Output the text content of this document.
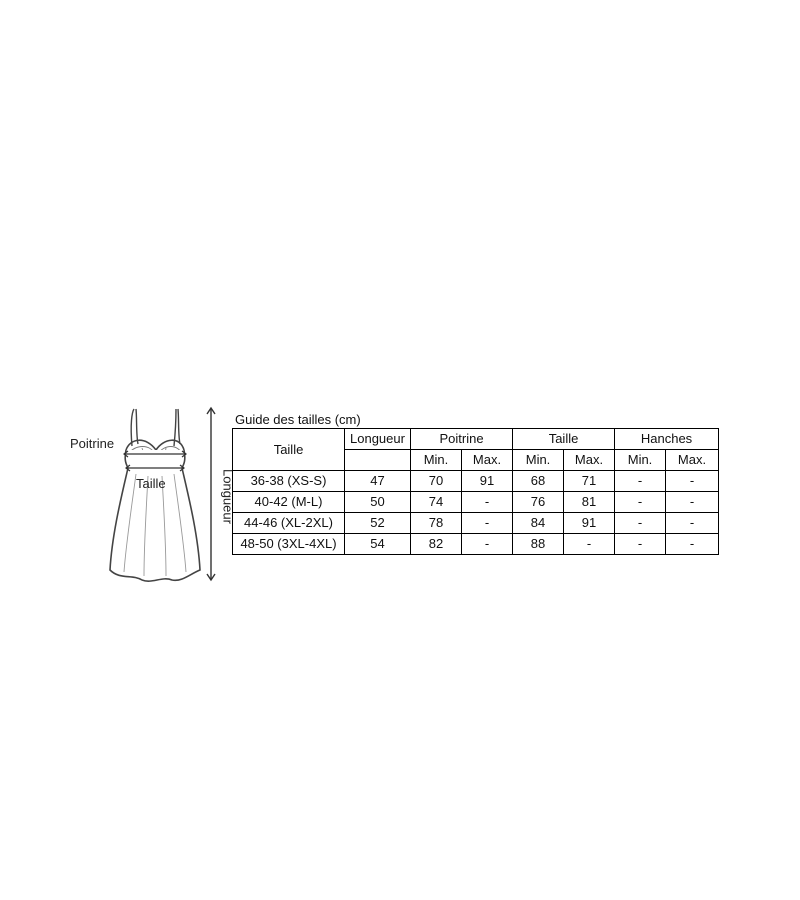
Poitrine
Taille	Longueur
Guide des tailles (cm)
Taille	Longueur	Poitrine		Taille		Hanches	
		Min.	Max.	Min.	Max.	Min.	Max.
36-38 (XS-S)	47	70	91	68	71	-	-
40-42 (M-L)	50	74	-	76	81	-	-
44-46 (XL-2XL)	52	78	-	84	91	-	-
48-50 (3XL-4XL)	54	82	-	88	-	-	-
